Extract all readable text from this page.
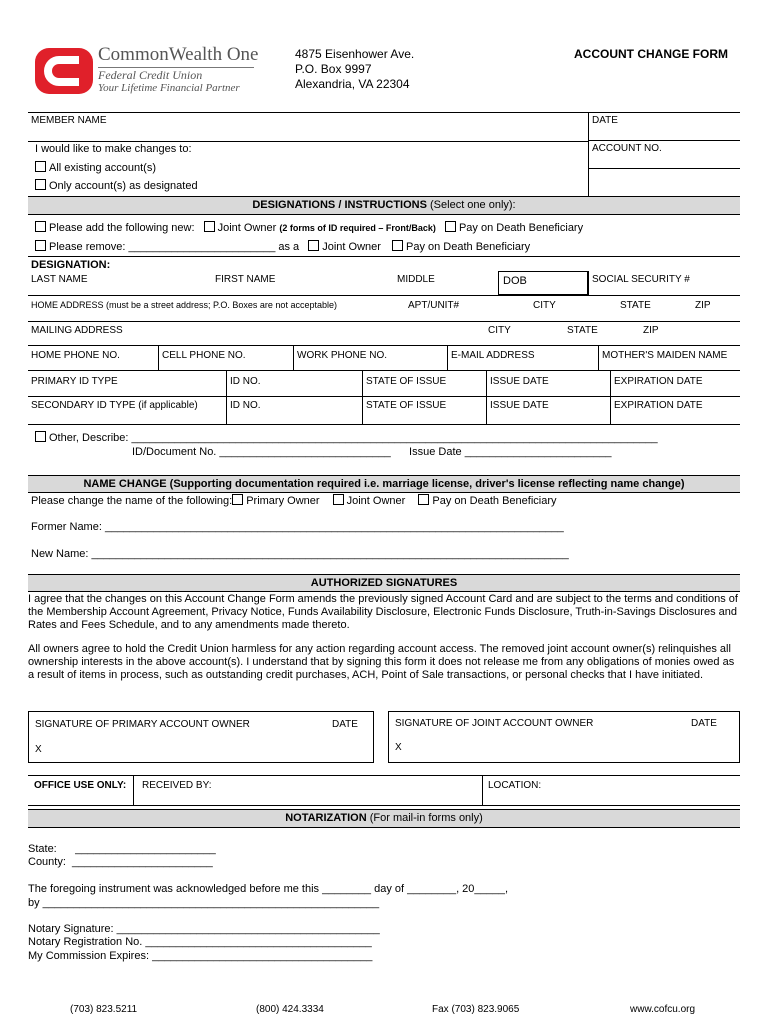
CommonWealth One
Federal Credit Union
Your Lifetime Financial Partner
4875 Eisenhower Ave.
P.O. Box 9997
Alexandria, VA 22304
ACCOUNT CHANGE FORM
MEMBER NAME	DATE
ACCOUNT NO.
I would like to make changes to:
All existing account(s)
Only account(s) as designated
DESIGNATIONS / INSTRUCTIONS (Select one only):
Please add the following new: Joint Owner (2 forms of ID required – Front/Back) Pay on Death Beneficiary
Please remove: ________________________ as a Joint Owner Pay on Death Beneficiary
DESIGNATION:
LAST NAME	FIRST NAME	MIDDLE	DOB	SOCIAL SECURITY #
HOME ADDRESS (must be a street address; P.O. Boxes are not acceptable)	APT/UNIT#	CITY	STATE	ZIP
MAILING ADDRESS	CITY	STATE	ZIP
HOME PHONE NO.	CELL PHONE NO.	WORK PHONE NO.	E-MAIL ADDRESS	MOTHER'S MAIDEN NAME
PRIMARY ID TYPE	ID NO.	STATE OF ISSUE	ISSUE DATE	EXPIRATION DATE
SECONDARY ID TYPE (if applicable)	ID NO.	STATE OF ISSUE	ISSUE DATE	EXPIRATION DATE
Other, Describe: ______________________________________________________________________________________
ID/Document No. ____________________________      Issue Date ________________________
NAME CHANGE (Supporting documentation required i.e. marriage license, driver's license reflecting name change)
Please change the name of the following: Primary Owner Joint Owner Pay on Death Beneficiary
Former Name: ___________________________________________________________________________
New Name: ______________________________________________________________________________
AUTHORIZED SIGNATURES
I agree that the changes on this Account Change Form amends the previously signed Account Card and are subject to the terms and conditions of the Membership Account Agreement, Privacy Notice, Funds Availability Disclosure, Electronic Funds Disclosure, Truth-in-Savings Disclosures and Rates and Fees Schedule, and to any amendments made thereto.
All owners agree to hold the Credit Union harmless for any action regarding account access. The removed joint account owner(s) relinquishes all ownership interests in the above account(s). I understand that by signing this form it does not release me from any obligations of monies owed as a result of items in process, such as outstanding credit purchases, ACH, Point of Sale transactions, or personal checks that I have initiated.
SIGNATURE OF PRIMARY ACCOUNT OWNER	DATE
X
SIGNATURE OF JOINT ACCOUNT OWNER	DATE
X
OFFICE USE ONLY: RECEIVED BY:	LOCATION:
NOTARIZATION (For mail-in forms only)
State:      _______________________
County:  _______________________
The foregoing instrument was acknowledged before me this ________ day of ________, 20_____,
by _______________________________________________________
Notary Signature: ___________________________________________
Notary Registration No. _____________________________________
My Commission Expires: ____________________________________
(703) 823.5211	(800) 424.3334	Fax (703) 823.9065	www.cofcu.org
